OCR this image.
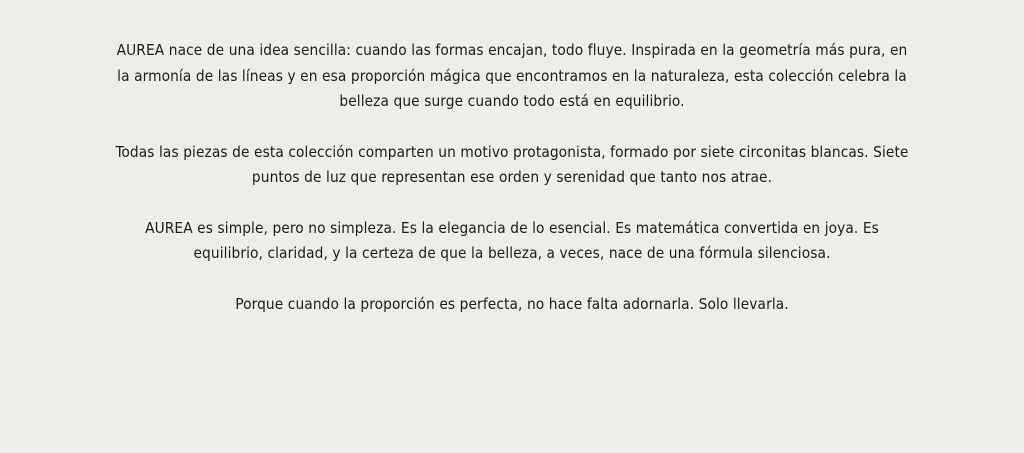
AUREA nace de una idea sencilla: cuando las formas encajan, todo fluye. Inspirada en la geometría más pura, en la armonía de las líneas y en esa proporción mágica que encontramos en la naturaleza, esta colección celebra la belleza que surge cuando todo está en equilibrio.

Todas las piezas de esta colección comparten un motivo protagonista, formado por siete circonitas blancas. Siete puntos de luz que representan ese orden y serenidad que tanto nos atrae.

AUREA es simple, pero no simpleza. Es la elegancia de lo esencial. Es matemática convertida en joya. Es equilibrio, claridad, y la certeza de que la belleza, a veces, nace de una fórmula silenciosa.

Porque cuando la proporción es perfecta, no hace falta adornarla. Solo llevarla.
